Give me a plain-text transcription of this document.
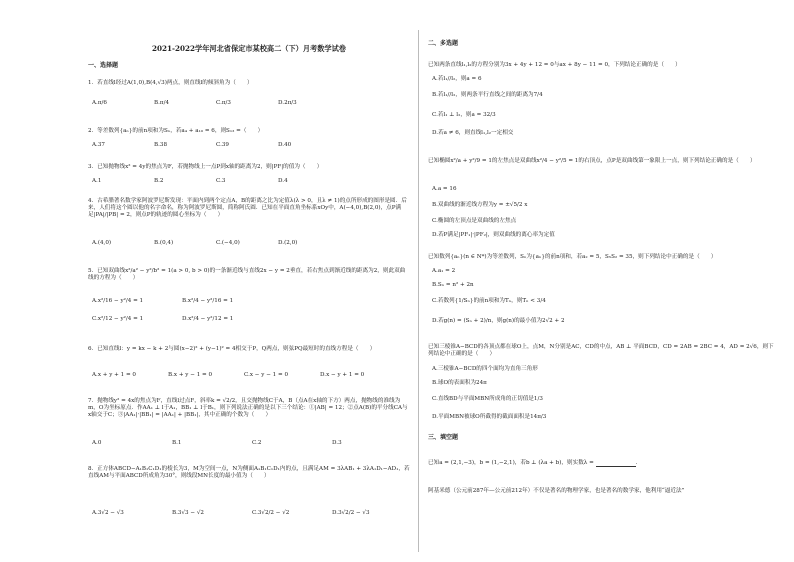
2021-2022学年河北省保定市某校高二（下）月考数学试卷
一、选择题
1．若直线l经过A(1,0),B(4,√3)两点，则直线l的倾斜角为（　　）
A.π/6	B.π/4	C.π/3	D.2π/3
2．等差数列{aₙ}的前n项和为Sₙ，若a₄ + a₁₀ = 6，则S₁₃ =（　　）
A.37	B.38	C.39	D.40
3．已知抛物线x² = 4y的焦点为F，若抛物线上一点P到x轴的距离为2，则|PF|的值为（　　）
A.1	B.2	C.3	D.4
4．古希腊著名数学家阿波罗尼斯发现：平面内到两个定点A，B的距离之比为定值λ(λ > 0，且λ ≠ 1)的点所形成的图形是圆．后来，人们将这个圆以他的名字命名，称为阿波罗尼斯圆，简称阿氏圆．已知在平面直角坐标系xOy中，A(−4,0),B(2,0)，点P满足|PA|/|PB| = 2，则点P的轨迹的圆心坐标为（　　）
A.(4,0)	B.(0,4)	C.(−4,0)	D.(2,0)
5．已知双曲线x²/a² − y²/b² = 1(a > 0, b > 0)的一条渐近线与直线2x − y = 2垂直，若右焦点到渐近线的距离为2，则此双曲线的方程为（　　）
A.x²/16 − y²/4 = 1	B.x²/4 − y²/16 = 1
C.x²/12 − y²/4 = 1	D.x²/4 − y²/12 = 1
6．已知直线l：y = kx − k + 2与圆(x−2)² + (y−1)² = 4相交于P，Q两点，则弦PQ最短时的直线方程是（　　）
A.x + y + 1 = 0	B.x + y − 1 = 0	C.x − y − 1 = 0	D.x − y + 1 = 0
7．抛物线y² = 4x的焦点为F，直线l过点F，斜率k = √2/2，且交抛物线C于A，B（点A在x轴的下方）两点，抛物线的准线为m，O为坐标原点．作AA₁ ⊥ l于A₁，BB₁ ⊥ l于B₁，则下列说法正确的是以下三个结论：①|AB| = 12；②点A(B)的平分线CA与x轴交于C；③|AA₁|·|BB₁| = |AA₁| + |BB₁|，其中正确的个数为（　　）
A.0	B.1	C.2	D.3
8．正方体ABCD−A₁B₁C₁D₁的棱长为3，M为空间一点，N为侧面A₁B₁C₁D₁内的点，且满足AM = 3λAB₁ + 3λA₁D₁−AD₁，若直线AM与平面ABCD所成角为30°，则线段MN长度的最小值为（　　）
A.3√2 − √3	B.3√3 − √2	C.3√2/2 − √2	D.3√2/2 − √3
二、多选题
已知两条直线l₁,l₂的方程分别为3x + 4y + 12 = 0与ax + 8y − 11 = 0，下列结论正确的是（　　）
A.若l₁//l₂，则a = 6
B.若l₁//l₂，则两条平行直线之间的距离为7/4
C.若l₁ ⊥ l₂，则a = 32/3
D.若a ≠ 6，则直线l₁,l₂一定相交
已知椭圆x²/a + y²/9 = 1的左焦点是双曲线x²/4 − y²/5 = 1的右顶点，点P是双曲线第一象限上一点，则下列结论正确的是（　　）
A.a = 16
B.双曲线的渐近线方程为y = ±√5/2 x
C.椭圆的左顶点是双曲线的左焦点
D.若P满足|PF₁|·|PF₂|，则双曲线的离心率为定值
已知数列{aₙ}(n ∈ N*)为等差数列，Sₙ为{aₙ}的前n项和，若a₂ = 5，S₅S₂ = 35，则下列结论中正确的是（　　）
A.a₁ = 2
B.Sₙ = n² + 2n
C.若数列{1/Sₙ}的前n项和为Tₙ，则Tₙ < 3/4
D.若g(n) = (Sₙ + 2)/n，则g(n)的最小值为2√2 + 2
已知三棱锥A−BCD的各顶点都在球O上，点M，N分别是AC，CD的中点，AB ⊥ 平面BCD，CD = 2AB = 2BC = 4，AD = 2√6，则下列结论中正确的是（　　）
A.三棱锥A−BCD的四个面均为直角三角形
B.球O的表面积为24π
C.直线BD与平面MBN所成角的正切值是1/3
D.平面MBN被球O所截得的截面面积是14π/3
三、填空题
已知a = (2,1,−3)，b = (1,−2,1)，若b ⊥ (λa + b)，则实数λ =	．
阿基米德（公元前287年—公元前212年）不仅是著名的物理学家，也是著名的数学家，他利用“逼近法”
